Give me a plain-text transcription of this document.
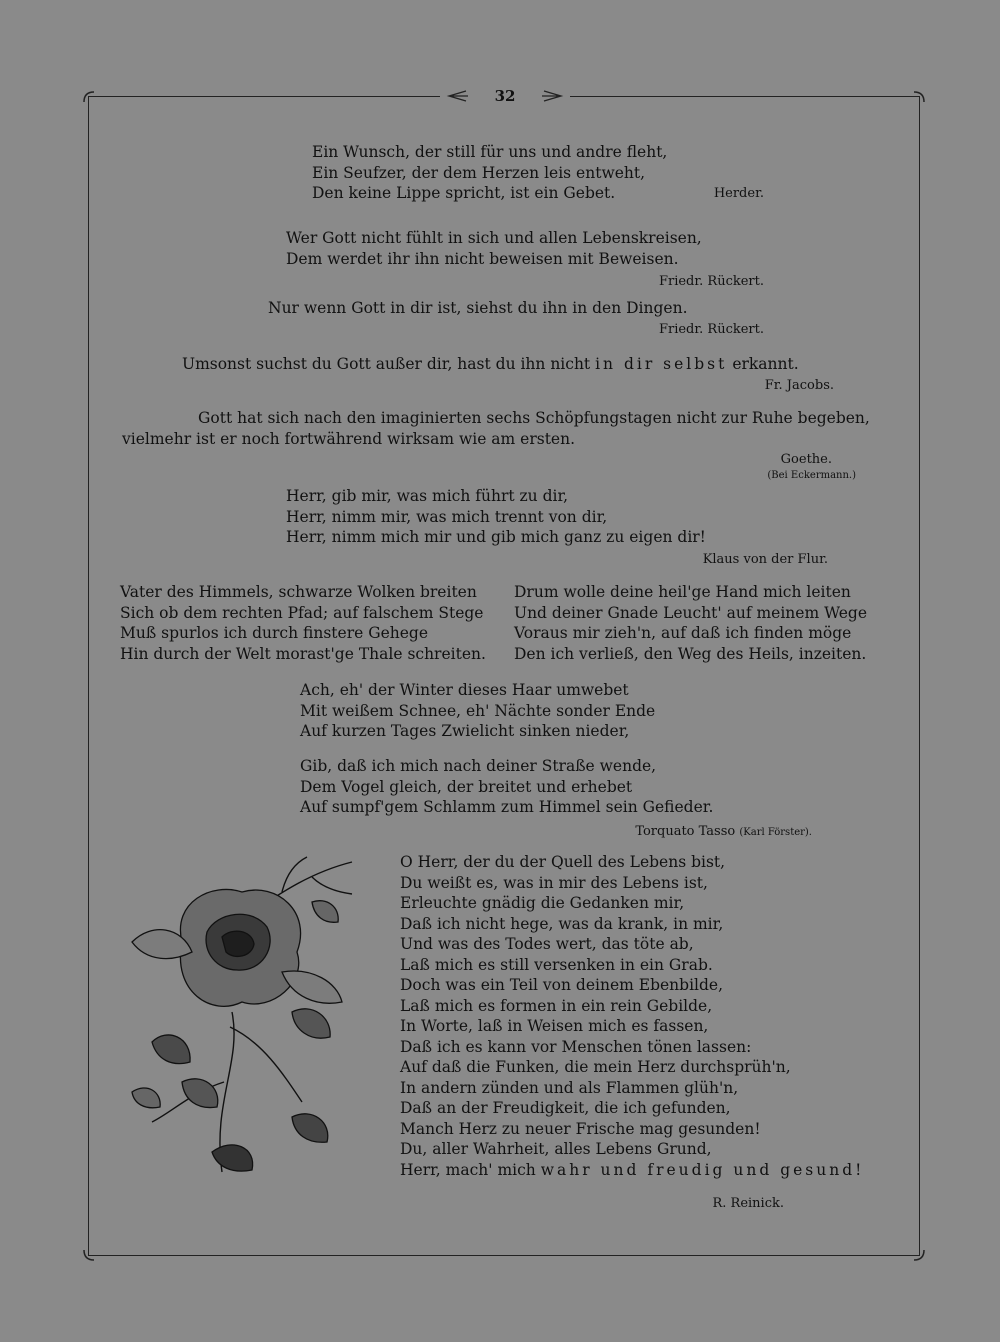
32
Ein Wunsch, der still für uns und andre fleht,
Ein Seufzer, der dem Herzen leis entweht,
Den keine Lippe spricht, ist ein Gebet.	Herder.
Wer Gott nicht fühlt in sich und allen Lebenskreisen,
Dem werdet ihr ihn nicht beweisen mit Beweisen.
Friedr. Rückert.
Nur wenn Gott in dir ist, siehst du ihn in den Dingen.
Friedr. Rückert.
Umsonst suchst du Gott außer dir, hast du ihn nicht in dir selbst erkannt.
Fr. Jacobs.
Gott hat sich nach den imaginierten sechs Schöpfungstagen nicht zur Ruhe begeben,
vielmehr ist er noch fortwährend wirksam wie am ersten.
Goethe.
(Bei Eckermann.)
Herr, gib mir, was mich führt zu dir,
Herr, nimm mir, was mich trennt von dir,
Herr, nimm mich mir und gib mich ganz zu eigen dir!
Klaus von der Flur.
Vater des Himmels, schwarze Wolken breiten
Sich ob dem rechten Pfad; auf falschem Stege
Muß spurlos ich durch finstere Gehege
Hin durch der Welt morast'ge Thale schreiten.
Drum wolle deine heil'ge Hand mich leiten
Und deiner Gnade Leucht' auf meinem Wege
Voraus mir zieh'n, auf daß ich finden möge
Den ich verließ, den Weg des Heils, inzeiten.
Ach, eh' der Winter dieses Haar umwebet
Mit weißem Schnee, eh' Nächte sonder Ende
Auf kurzen Tages Zwielicht sinken nieder,
Gib, daß ich mich nach deiner Straße wende,
Dem Vogel gleich, der breitet und erhebet
Auf sumpf'gem Schlamm zum Himmel sein Gefieder.
Torquato Tasso (Karl Förster).
O Herr, der du der Quell des Lebens bist,
Du weißt es, was in mir des Lebens ist,
Erleuchte gnädig die Gedanken mir,
Daß ich nicht hege, was da krank, in mir,
Und was des Todes wert, das töte ab,
Laß mich es still versenken in ein Grab.
Doch was ein Teil von deinem Ebenbilde,
Laß mich es formen in ein rein Gebilde,
In Worte, laß in Weisen mich es fassen,
Daß ich es kann vor Menschen tönen lassen:
Auf daß die Funken, die mein Herz durchsprüh'n,
In andern zünden und als Flammen glüh'n,
Daß an der Freudigkeit, die ich gefunden,
Manch Herz zu neuer Frische mag gesunden!
Du, aller Wahrheit, alles Lebens Grund,
Herr, mach' mich wahr und freudig und gesund!
R. Reinick.
